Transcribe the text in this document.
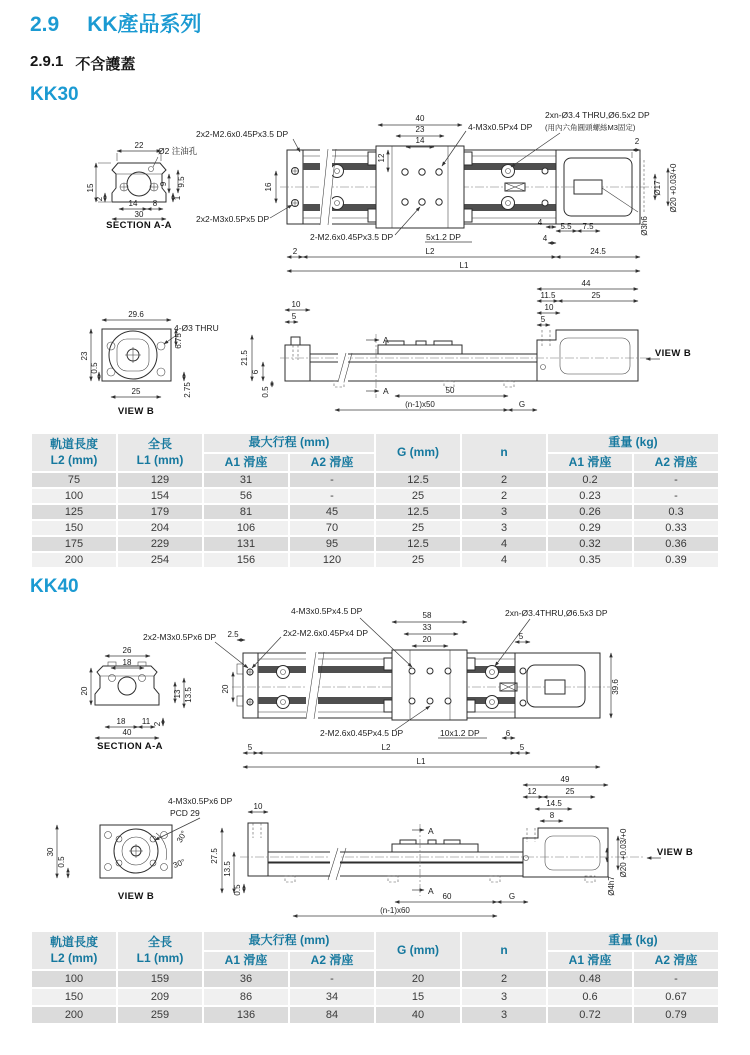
2.9 KK產品系列
2.9.1 不含護蓋
KK30
KK40
22
Ø2 注油孔
15
2	14 8
30
9 9.5
1
SECTION A-A
2x2-M2.6x0.45Px3.5 DP
40
23
14
12
4-M3x0.5Px4 DP
2xn-Ø3.4 THRU,Ø6.5x2 DP
(用內六角圓頭螺絲M3固定)
2
16
2x2-M3x0.5Px5 DP
2-M2.6x0.45Px3.5 DP	5x1.2 DP
4 5.5 7.5
4
L2	24.5
2
L1
Ø17 Ø20 +0.03/+0
Ø3h6
29.6
4-Ø3 THRU
23
0.5
6.75
25	2.75
VIEW B
10
5
44
11.5	25
10
5
A
A
21.5
6
0.5	50
(n-1)x50	G
VIEW B
26
18
20	13 13.5
18 11 2
40
SECTION A-A
4-M3x0.5Px4.5 DP	58
33
20
2xn-Ø3.4THRU,Ø6.5x3 DP
2.5	2x2-M2.6x0.45Px4 DP	5
20	39.6
2-M2.6x0.45Px4.5 DP	10x1.2 DP	6
5	L2	5
L1
2x2-M3x0.5Px6 DP
4-M3x0.5Px6 DP
PCD 29
30
0.5
30°
30°
VIEW B
10
27.5
13.5
0.5
49
12	25
14.5
8
Ø20 +0.03/+0
Ø4h7
VIEW B
A
A
60	G
(n-1)x60
軌道長度
L2 (mm)

全長
L1 (mm)
	最大行程 (mm)	G (mm)	n	重量 (kg)
		A1 滑座	A2 滑座			A1 滑座	A2 滑座
75	129	31	-	12.5	2	0.2	-
100	154	56	-	25	2	0.23	-
125	179	81	45	12.5	3	0.26	0.3
150	204	106	70	25	3	0.29	0.33
175	229	131	95	12.5	4	0.32	0.36
200	254	156	120	25	4	0.35	0.39
軌道長度
L2 (mm)

全長
L1 (mm)
	最大行程 (mm)	G (mm)	n	重量 (kg)
		A1 滑座	A2 滑座			A1 滑座	A2 滑座
100	159	36	-	20	2	0.48	-
150	209	86	34	15	3	0.6	0.67
200	259	136	84	40	3	0.72	0.79
